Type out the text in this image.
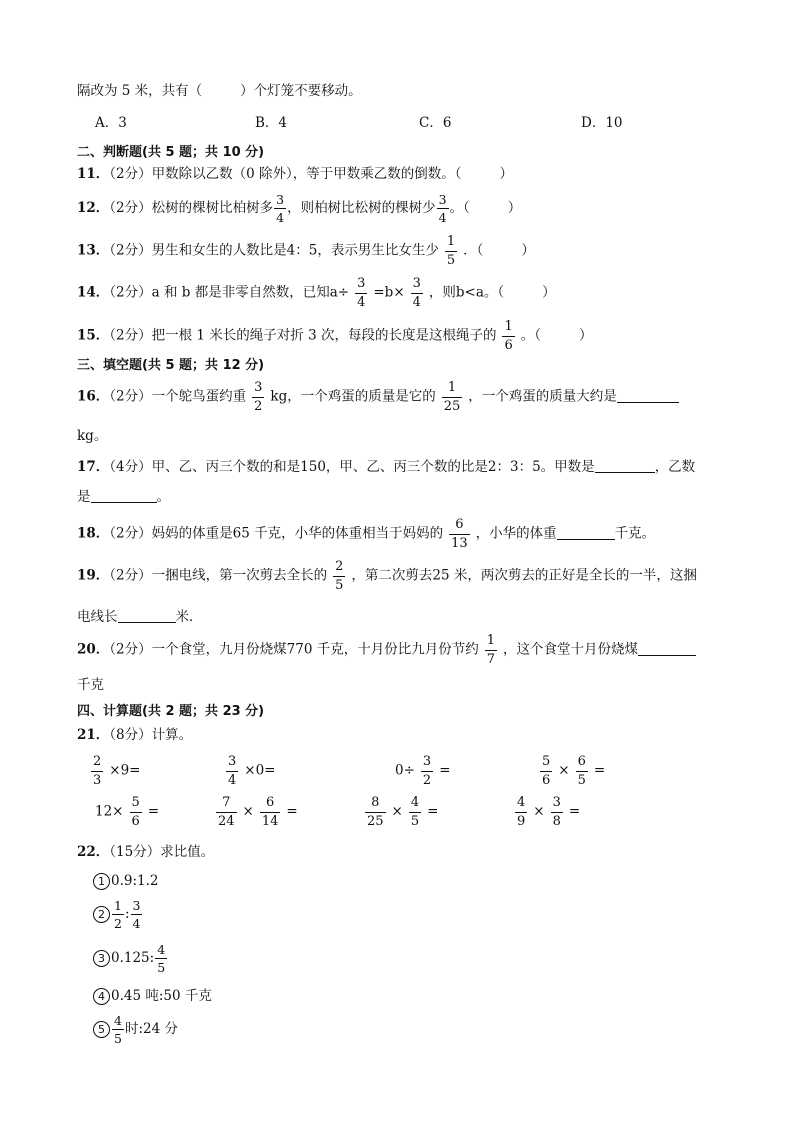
隔改为 5 米，共有（	）个灯笼不要移动。
A．3	B．4	C．6	D．10
二、判断题(共 5 题；共 10 分)
11．（2分）甲数除以乙数（0 除外），等于甲数乘乙数的倒数。（	）
12．（2分）松树的棵树比柏树多 $\frac{3}{4}$ ，则柏树比松树的棵树少 $\frac{3}{4}$ 。（	）
13．（2分）男生和女生的人数比是4：5，表示男生比女生少 $\frac{1}{5}$ ．（	）
14．（2分）a 和 b 都是非零自然数，已知$a\div \frac{3}{4} =b\times \frac{3}{4}$ ，则b<a。（	）
15．（2分）把一根 1 米长的绳子对折 3 次，每段的长度是这根绳子的 $\frac{1}{6}$ 。（	）
三、填空题(共 5 题；共 12 分)
16．（2分）一个鸵鸟蛋约重 $\frac{3}{2}$ kg，一个鸡蛋的质量是它的 $\frac{1}{25}$ ，一个鸡蛋的质量大约是
kg。
17．（4分）甲、乙、丙三个数的和是150，甲、乙、丙三个数的比是2：3：5。甲数是	，乙数
是	。
18．（2分）妈妈的体重是65 千克，小华的体重相当于妈妈的 $\frac{6}{13}$ ，小华的体重	千克。
19．（2分）一捆电线，第一次剪去全长的 $\frac{2}{5}$ ，第二次剪去25 米，两次剪去的正好是全长的一半，这捆
电线长	米．
20．（2分）一个食堂，九月份烧煤770 千克，十月份比九月份节约 $\frac{1}{7}$ ，这个食堂十月份烧煤
千克
四、计算题(共 2 题；共 23 分)
21．（8分）计算。
$\frac{2}{3} \times 9=$	$\frac{3}{4} \times 0=$	$0\div \frac{3}{2}$ =	$\frac{5}{6} \times \frac{6}{5}$ =
$12\times \frac{5}{6}$ =	$\frac{7}{24} \times \frac{6}{14}$ =	$\frac{8}{25} \times \frac{4}{5}$ =	$\frac{4}{9} \times \frac{3}{8}$ =
22．（15分）求比值。
1 0.9:1.2
$2 \frac{1}{2}$ : $\frac{3}{4}$
3 0.125: $\frac{4}{5}$
4 0.45 吨:50 千克
$5 \frac{4}{5}$ 时:24 分
